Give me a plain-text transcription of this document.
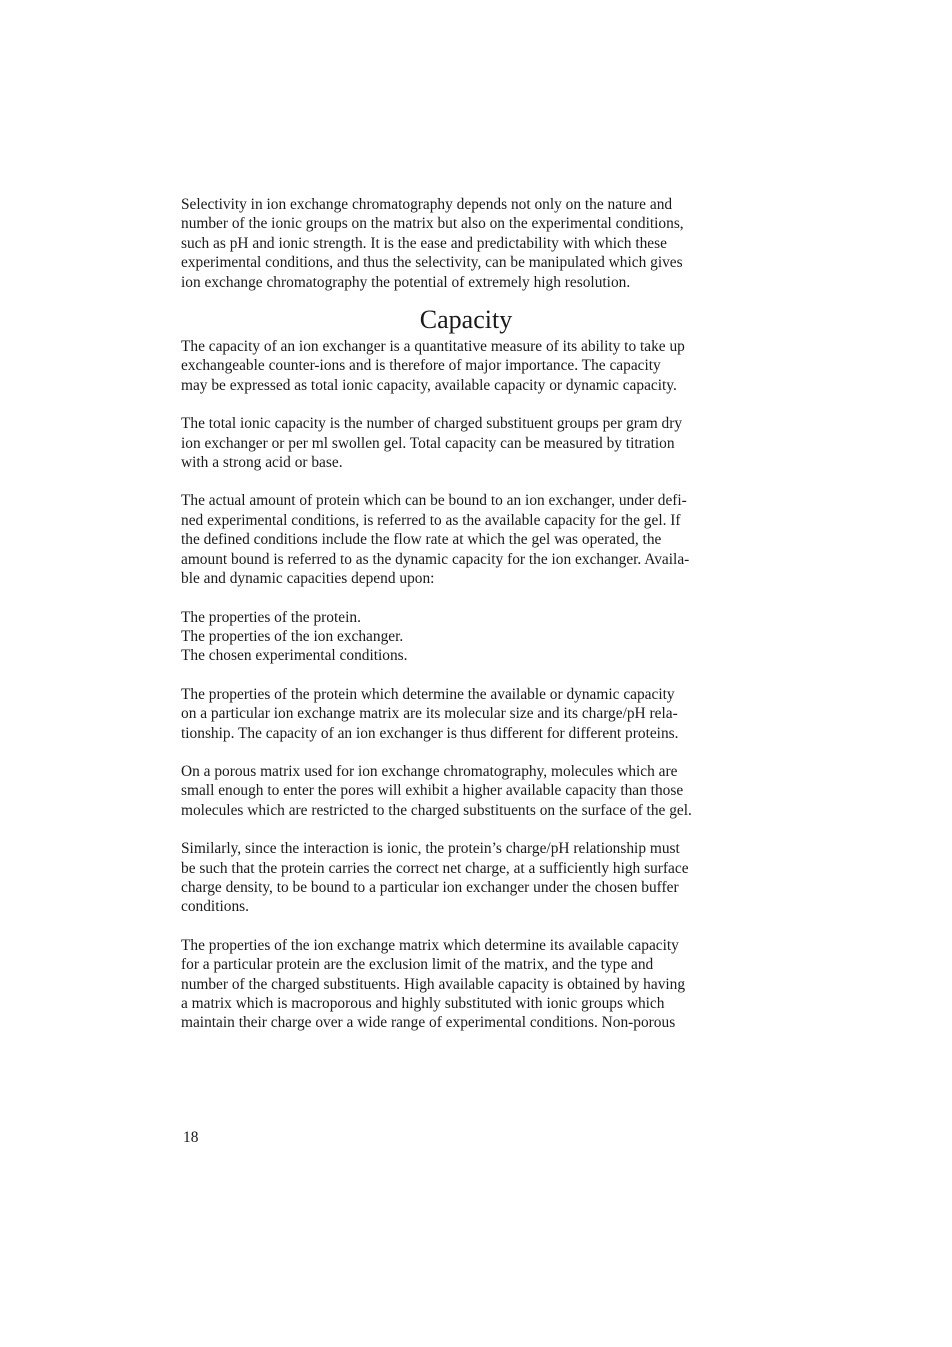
Selectivity in ion exchange chromatography depends not only on the nature and
number of the ionic groups on the matrix but also on the experimental conditions,
such as pH and ionic strength. It is the ease and predictability with which these
experimental conditions, and thus the selectivity, can be manipulated which gives
ion exchange chromatography the potential of extremely high resolution.

Capacity

The capacity of an ion exchanger is a quantitative measure of its ability to take up
exchangeable counter-ions and is therefore of major importance. The capacity
may be expressed as total ionic capacity, available capacity or dynamic capacity.

The total ionic capacity is the number of charged substituent groups per gram dry
ion exchanger or per ml swollen gel. Total capacity can be measured by titration
with a strong acid or base.

The actual amount of protein which can be bound to an ion exchanger, under defi-
ned experimental conditions, is referred to as the available capacity for the gel. If
the defined conditions include the flow rate at which the gel was operated, the
amount bound is referred to as the dynamic capacity for the ion exchanger. Availa-
ble and dynamic capacities depend upon:

The properties of the protein.
The properties of the ion exchanger.
The chosen experimental conditions.

The properties of the protein which determine the available or dynamic capacity
on a particular ion exchange matrix are its molecular size and its charge/pH rela-
tionship. The capacity of an ion exchanger is thus different for different proteins.

On a porous matrix used for ion exchange chromatography, molecules which are
small enough to enter the pores will exhibit a higher available capacity than those
molecules which are restricted to the charged substituents on the surface of the gel.

Similarly, since the interaction is ionic, the protein’s charge/pH relationship must
be such that the protein carries the correct net charge, at a sufficiently high surface
charge density, to be bound to a particular ion exchanger under the chosen buffer
conditions.

The properties of the ion exchange matrix which determine its available capacity
for a particular protein are the exclusion limit of the matrix, and the type and
number of the charged substituents. High available capacity is obtained by having
a matrix which is macroporous and highly substituted with ionic groups which
maintain their charge over a wide range of experimental conditions. Non-porous

18
